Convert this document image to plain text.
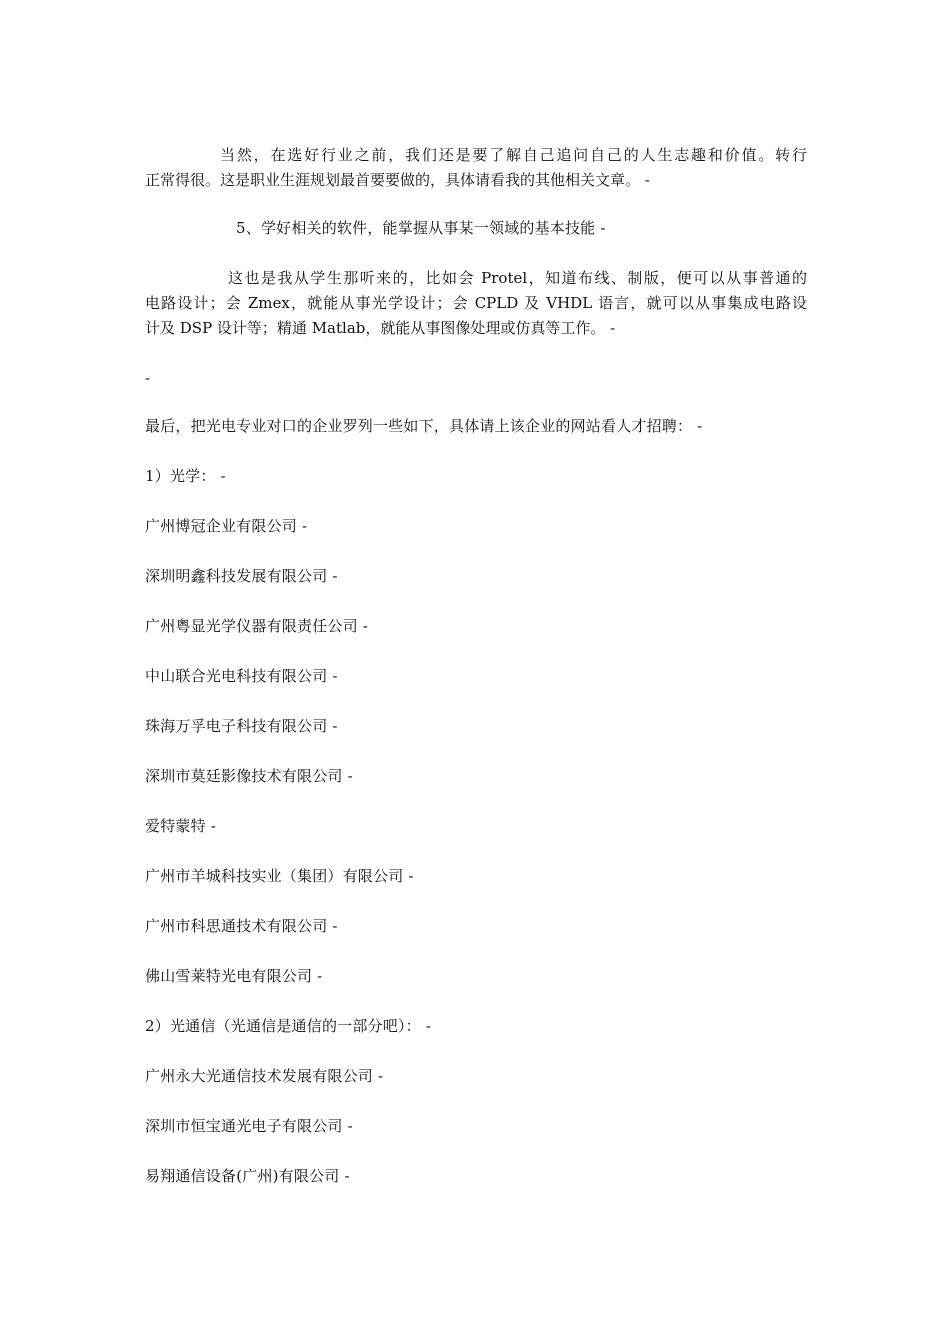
当然，在选好行业之前，我们还是要了解自己追问自己的人生志趣和价值。转行
正常得很。这是职业生涯规划最首要要做的，具体请看我的其他相关文章。 -
5、学好相关的软件，能掌握从事某一领域的基本技能 -
这也是我从学生那听来的，比如会 Protel，知道布线、制版，便可以从事普通的
电路设计；会 Zmex，就能从事光学设计；会 CPLD 及 VHDL 语言，就可以从事集成电路设
计及 DSP 设计等；精通 Matlab，就能从事图像处理或仿真等工作。 -
-
最后，把光电专业对口的企业罗列一些如下，具体请上该企业的网站看人才招聘： -
1）光学： -
广州博冠企业有限公司 -
深圳明鑫科技发展有限公司 -
广州粤显光学仪器有限责任公司 -
中山联合光电科技有限公司 -
珠海万孚电子科技有限公司 -
深圳市莫廷影像技术有限公司 -
爱特蒙特 -
广州市羊城科技实业（集团）有限公司 -
广州市科思通技术有限公司 -
佛山雪莱特光电有限公司 -
2）光通信（光通信是通信的一部分吧）： -
广州永大光通信技术发展有限公司 -
深圳市恒宝通光电子有限公司 -
易翔通信设备(广州)有限公司 -
